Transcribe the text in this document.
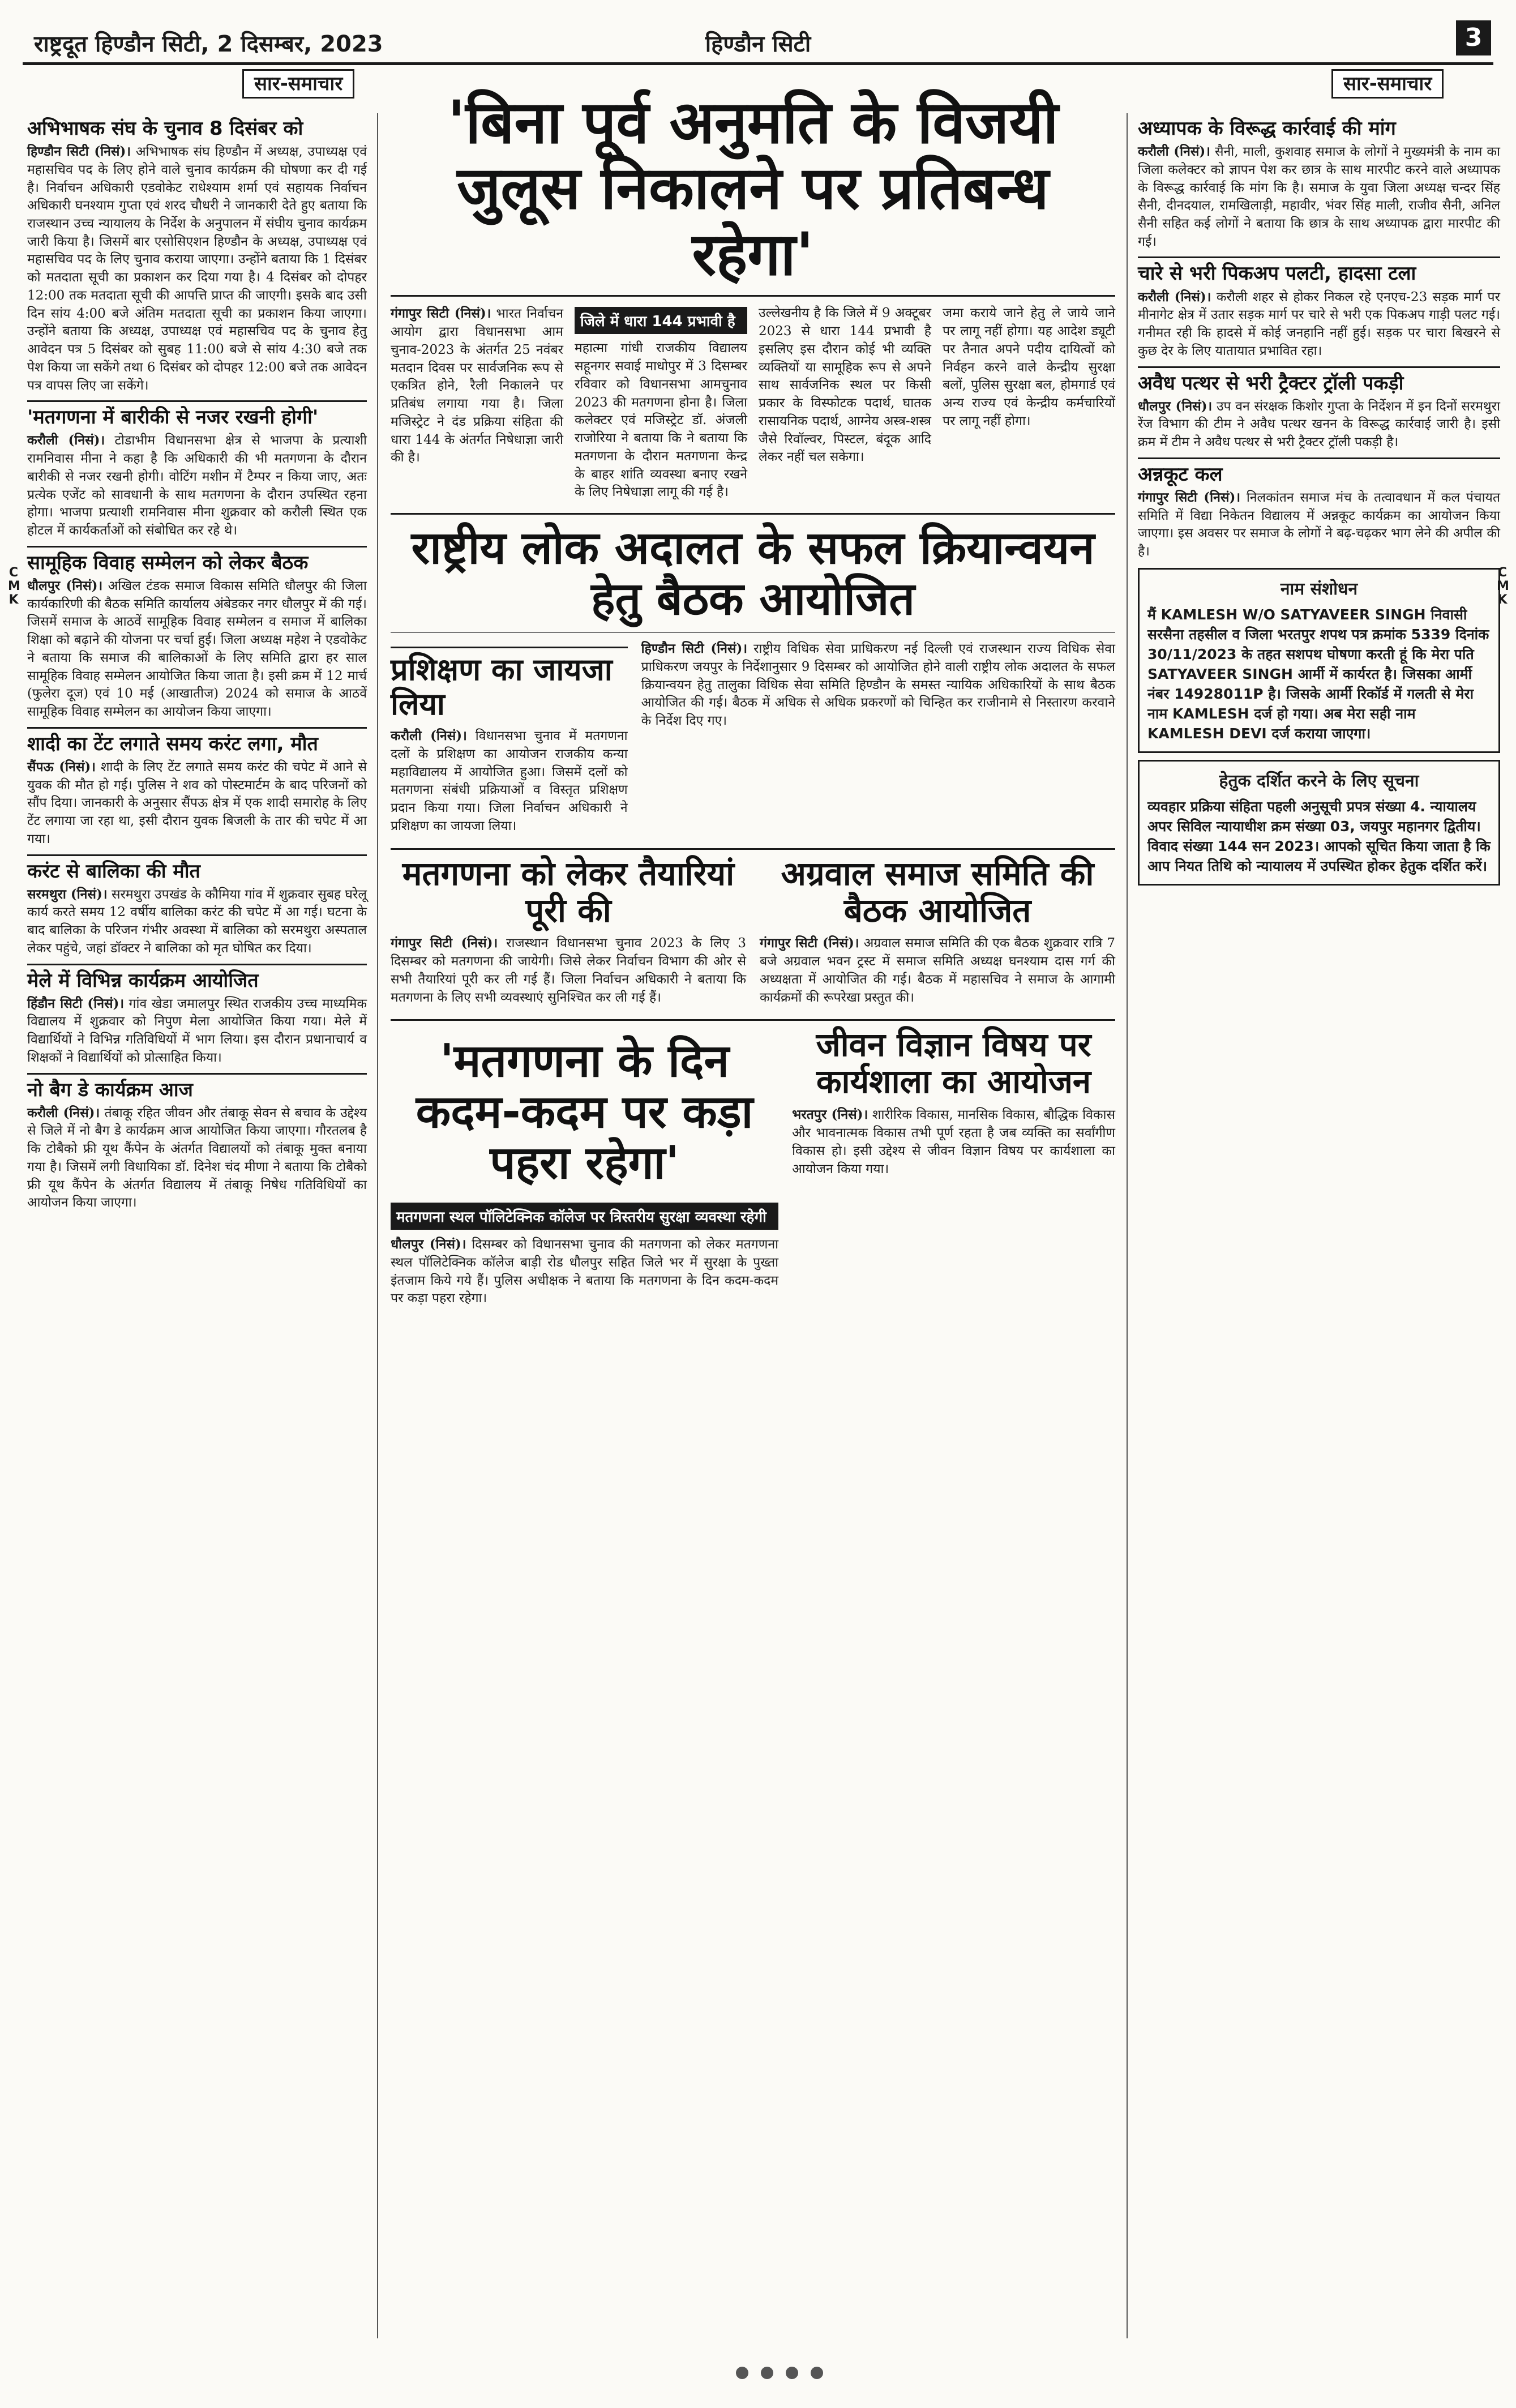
राष्ट्रदूत हिण्डौन सिटी, 2 दिसम्बर, 2023	हिण्डौन सिटी	3
C
M
K
C
M
K
सार-समाचार
अभिभाषक संघ के चुनाव 8 दिसंबर को

हिण्डौन सिटी (निसं)। अभिभाषक संघ हिण्डौन में अध्यक्ष, उपाध्यक्ष एवं महासचिव पद के लिए होने वाले चुनाव कार्यक्रम की घोषणा कर दी गई है। निर्वाचन अधिकारी एडवोकेट राधेश्याम शर्मा एवं सहायक निर्वाचन अधिकारी घनश्याम गुप्ता एवं शरद चौधरी ने जानकारी देते हुए बताया कि राजस्थान उच्च न्यायालय के निर्देश के अनुपालन में संघीय चुनाव कार्यक्रम जारी किया है। जिसमें बार एसोसिएशन हिण्डौन के अध्यक्ष, उपाध्यक्ष एवं महासचिव पद के लिए चुनाव कराया जाएगा। उन्होंने बताया कि 1 दिसंबर को मतदाता सूची का प्रकाशन कर दिया गया है। 4 दिसंबर को दोपहर 12:00 तक मतदाता सूची की आपत्ति प्राप्त की जाएगी। इसके बाद उसी दिन सांय 4:00 बजे अंतिम मतदाता सूची का प्रकाशन किया जाएगा। उन्होंने बताया कि अध्यक्ष, उपाध्यक्ष एवं महासचिव पद के चुनाव हेतु आवेदन पत्र 5 दिसंबर को सुबह 11:00 बजे से सांय 4:30 बजे तक पेश किया जा सकेंगे तथा 6 दिसंबर को दोपहर 12:00 बजे तक आवेदन पत्र वापस लिए जा सकेंगे।

'मतगणना में बारीकी से नजर रखनी होगी'

करौली (निसं)। टोडाभीम विधानसभा क्षेत्र से भाजपा के प्रत्याशी रामनिवास मीना ने कहा है कि अधिकारी की भी मतगणना के दौरान बारीकी से नजर रखनी होगी। वोटिंग मशीन में टैम्पर न किया जाए, अतः प्रत्येक एजेंट को सावधानी के साथ मतगणना के दौरान उपस्थित रहना होगा। भाजपा प्रत्याशी रामनिवास मीना शुक्रवार को करौली स्थित एक होटल में कार्यकर्ताओं को संबोधित कर रहे थे।

सामूहिक विवाह सम्मेलन को लेकर बैठक

धौलपुर (निसं)। अखिल टंडक समाज विकास समिति धौलपुर की जिला कार्यकारिणी की बैठक समिति कार्यालय अंबेडकर नगर धौलपुर में की गई। जिसमें समाज के आठवें सामूहिक विवाह सम्मेलन व समाज में बालिका शिक्षा को बढ़ाने की योजना पर चर्चा हुई। जिला अध्यक्ष महेश ने एडवोकेट ने बताया कि समाज की बालिकाओं के लिए समिति द्वारा हर साल सामूहिक विवाह सम्मेलन आयोजित किया जाता है। इसी क्रम में 12 मार्च (फुलेरा दूज) एवं 10 मई (आखातीज) 2024 को समाज के आठवें सामूहिक विवाह सम्मेलन का आयोजन किया जाएगा।

शादी का टेंट लगाते समय करंट लगा, मौत

सैंपऊ (निसं)। शादी के लिए टेंट लगाते समय करंट की चपेट में आने से युवक की मौत हो गई। पुलिस ने शव को पोस्टमार्टम के बाद परिजनों को सौंप दिया। जानकारी के अनुसार सैंपऊ क्षेत्र में एक शादी समारोह के लिए टेंट लगाया जा रहा था, इसी दौरान युवक बिजली के तार की चपेट में आ गया।

करंट से बालिका की मौत

सरमथुरा (निसं)। सरमथुरा उपखंड के कौमिया गांव में शुक्रवार सुबह घरेलू कार्य करते समय 12 वर्षीय बालिका करंट की चपेट में आ गई। घटना के बाद बालिका के परिजन गंभीर अवस्था में बालिका को सरमथुरा अस्पताल लेकर पहुंचे, जहां डॉक्टर ने बालिका को मृत घोषित कर दिया।

मेले में विभिन्न कार्यक्रम आयोजित

हिंडौन सिटी (निसं)। गांव खेडा जमालपुर स्थित राजकीय उच्च माध्यमिक विद्यालय में शुक्रवार को निपुण मेला आयोजित किया गया। मेले में विद्यार्थियों ने विभिन्न गतिविधियों में भाग लिया। इस दौरान प्रधानाचार्य व शिक्षकों ने विद्यार्थियों को प्रोत्साहित किया।

नो बैग डे कार्यक्रम आज

करौली (निसं)। तंबाकू रहित जीवन और तंबाकू सेवन से बचाव के उद्देश्य से जिले में नो बैग डे कार्यक्रम आज आयोजित किया जाएगा। गौरतलब है कि टोबैको फ्री यूथ कैंपेन के अंतर्गत विद्यालयों को तंबाकू मुक्त बनाया गया है। जिसमें लगी विधायिका डॉ. दिनेश चंद मीणा ने बताया कि टोबैको फ्री यूथ कैंपेन के अंतर्गत विद्यालय में तंबाकू निषेध गतिविधियों का आयोजन किया जाएगा।

'बिना पूर्व अनुमति के विजयी जुलूस निकालने पर प्रतिबन्ध रहेगा'

गंगापुर सिटी (निसं)। भारत निर्वाचन आयोग द्वारा विधानसभा आम चुनाव-2023 के अंतर्गत 25 नवंबर मतदान दिवस पर सार्वजनिक रूप से एकत्रित होने, रैली निकालने पर प्रतिबंध लगाया गया है। जिला मजिस्ट्रेट ने दंड प्रक्रिया संहिता की धारा 144 के अंतर्गत निषेधाज्ञा जारी की है।

जिले में धारा 144 प्रभावी है

महात्मा गांधी राजकीय विद्यालय सहूनगर सवाई माधोपुर में 3 दिसम्बर रविवार को विधानसभा आमचुनाव 2023 की मतगणना होना है। जिला कलेक्टर एवं मजिस्ट्रेट डॉ. अंजली राजोरिया ने बताया कि ने बताया कि मतगणना के दौरान मतगणना केन्द्र के बाहर शांति व्यवस्था बनाए रखने के लिए निषेधाज्ञा लागू की गई है।

उल्लेखनीय है कि जिले में 9 अक्टूबर 2023 से धारा 144 प्रभावी है इसलिए इस दौरान कोई भी व्यक्ति व्यक्तियों या सामूहिक रूप से अपने साथ सार्वजनिक स्थल पर किसी प्रकार के विस्फोटक पदार्थ, घातक रासायनिक पदार्थ, आग्नेय अस्त्र-शस्त्र जैसे रिवॉल्वर, पिस्टल, बंदूक आदि लेकर नहीं चल सकेगा।

जमा कराये जाने हेतु ले जाये जाने पर लागू नहीं होगा। यह आदेश ड्यूटी पर तैनात अपने पदीय दायित्वों को निर्वहन करने वाले केन्द्रीय सुरक्षा बलों, पुलिस सुरक्षा बल, होमगार्ड एवं अन्य राज्य एवं केन्द्रीय कर्मचारियों पर लागू नहीं होगा।

राष्ट्रीय लोक अदालत के सफल क्रियान्वयन हेतु बैठक आयोजित
प्रशिक्षण का जायजा लिया

करौली (निसं)। विधानसभा चुनाव में मतगणना दलों के प्रशिक्षण का आयोजन राजकीय कन्या महाविद्यालय में आयोजित हुआ। जिसमें दलों को मतगणना संबंधी प्रक्रियाओं व विस्तृत प्रशिक्षण प्रदान किया गया। जिला निर्वाचन अधिकारी ने प्रशिक्षण का जायजा लिया।

हिण्डौन सिटी (निसं)। राष्ट्रीय विधिक सेवा प्राधिकरण नई दिल्ली एवं राजस्थान राज्य विधिक सेवा प्राधिकरण जयपुर के निर्देशानुसार 9 दिसम्बर को आयोजित होने वाली राष्ट्रीय लोक अदालत के सफल क्रियान्वयन हेतु तालुका विधिक सेवा समिति हिण्डौन के समस्त न्यायिक अधिकारियों के साथ बैठक आयोजित की गई। बैठक में अधिक से अधिक प्रकरणों को चिन्हित कर राजीनामे से निस्तारण करवाने के निर्देश दिए गए।

मतगणना को लेकर तैयारियां पूरी की

गंगापुर सिटी (निसं)। राजस्थान विधानसभा चुनाव 2023 के लिए 3 दिसम्बर को मतगणना की जायेगी। जिसे लेकर निर्वाचन विभाग की ओर से सभी तैयारियां पूरी कर ली गई हैं। जिला निर्वाचन अधिकारी ने बताया कि मतगणना के लिए सभी व्यवस्थाएं सुनिश्चित कर ली गई हैं।

अग्रवाल समाज समिति की बैठक आयोजित

गंगापुर सिटी (निसं)। अग्रवाल समाज समिति की एक बैठक शुक्रवार रात्रि 7 बजे अग्रवाल भवन ट्रस्ट में समाज समिति अध्यक्ष घनश्याम दास गर्ग की अध्यक्षता में आयोजित की गई। बैठक में महासचिव ने समाज के आगामी कार्यक्रमों की रूपरेखा प्रस्तुत की।

'मतगणना के दिन कदम-कदम पर कड़ा पहरा रहेगा'
मतगणना स्थल पॉलिटेक्निक कॉलेज पर त्रिस्तरीय सुरक्षा व्यवस्था रहेगी

धौलपुर (निसं)। दिसम्बर को विधानसभा चुनाव की मतगणना को लेकर मतगणना स्थल पॉलिटेक्निक कॉलेज बाड़ी रोड धौलपुर सहित जिले भर में सुरक्षा के पुख्ता इंतजाम किये गये हैं। पुलिस अधीक्षक ने बताया कि मतगणना के दिन कदम-कदम पर कड़ा पहरा रहेगा।

जीवन विज्ञान विषय पर कार्यशाला का आयोजन

भरतपुर (निसं)। शारीरिक विकास, मानसिक विकास, बौद्धिक विकास और भावनात्मक विकास तभी पूर्ण रहता है जब व्यक्ति का सर्वांगीण विकास हो। इसी उद्देश्य से जीवन विज्ञान विषय पर कार्यशाला का आयोजन किया गया।

सार-समाचार
अध्यापक के विरूद्ध कार्रवाई की मांग

करौली (निसं)। सैनी, माली, कुशवाह समाज के लोगों ने मुख्यमंत्री के नाम का जिला कलेक्टर को ज्ञापन पेश कर छात्र के साथ मारपीट करने वाले अध्यापक के विरूद्ध कार्रवाई कि मांग कि है। समाज के युवा जिला अध्यक्ष चन्दर सिंह सैनी, दीनदयाल, रामखिलाड़ी, महावीर, भंवर सिंह माली, राजीव सैनी, अनिल सैनी सहित कई लोगों ने बताया कि छात्र के साथ अध्यापक द्वारा मारपीट की गई।

चारे से भरी पिकअप पलटी, हादसा टला

करौली (निसं)। करौली शहर से होकर निकल रहे एनएच-23 सड़क मार्ग पर मीनागेट क्षेत्र में उतार सड़क मार्ग पर चारे से भरी एक पिकअप गाड़ी पलट गई। गनीमत रही कि हादसे में कोई जनहानि नहीं हुई। सड़क पर चारा बिखरने से कुछ देर के लिए यातायात प्रभावित रहा।

अवैध पत्थर से भरी ट्रैक्टर ट्रॉली पकड़ी

धौलपुर (निसं)। उप वन संरक्षक किशोर गुप्ता के निर्देशन में इन दिनों सरमथुरा रेंज विभाग की टीम ने अवैध पत्थर खनन के विरूद्ध कार्रवाई जारी है। इसी क्रम में टीम ने अवैध पत्थर से भरी ट्रैक्टर ट्रॉली पकड़ी है।

अन्नकूट कल

गंगापुर सिटी (निसं)। निलकांतन समाज मंच के तत्वावधान में कल पंचायत समिति में विद्या निकेतन विद्यालय में अन्नकूट कार्यक्रम का आयोजन किया जाएगा। इस अवसर पर समाज के लोगों ने बढ़-चढ़कर भाग लेने की अपील की है।

नाम संशोधन
मैं KAMLESH W/O SATYAVEER SINGH निवासी सरसैना तहसील व जिला भरतपुर शपथ पत्र क्रमांक 5339 दिनांक 30/11/2023 के तहत सशपथ घोषणा करती हूं कि मेरा पति SATYAVEER SINGH आर्मी में कार्यरत है। जिसका आर्मी नंबर 14928011P है। जिसके आर्मी रिकॉर्ड में गलती से मेरा नाम KAMLESH दर्ज हो गया। अब मेरा सही नाम KAMLESH DEVI दर्ज कराया जाएगा।
हेतुक दर्शित करने के लिए सूचना
व्यवहार प्रक्रिया संहिता पहली अनुसूची प्रपत्र संख्या 4. न्यायालय अपर सिविल न्यायाधीश क्रम संख्या 03, जयपुर महानगर द्वितीय। विवाद संख्या 144 सन 2023। आपको सूचित किया जाता है कि आप नियत तिथि को न्यायालय में उपस्थित होकर हेतुक दर्शित करें।
